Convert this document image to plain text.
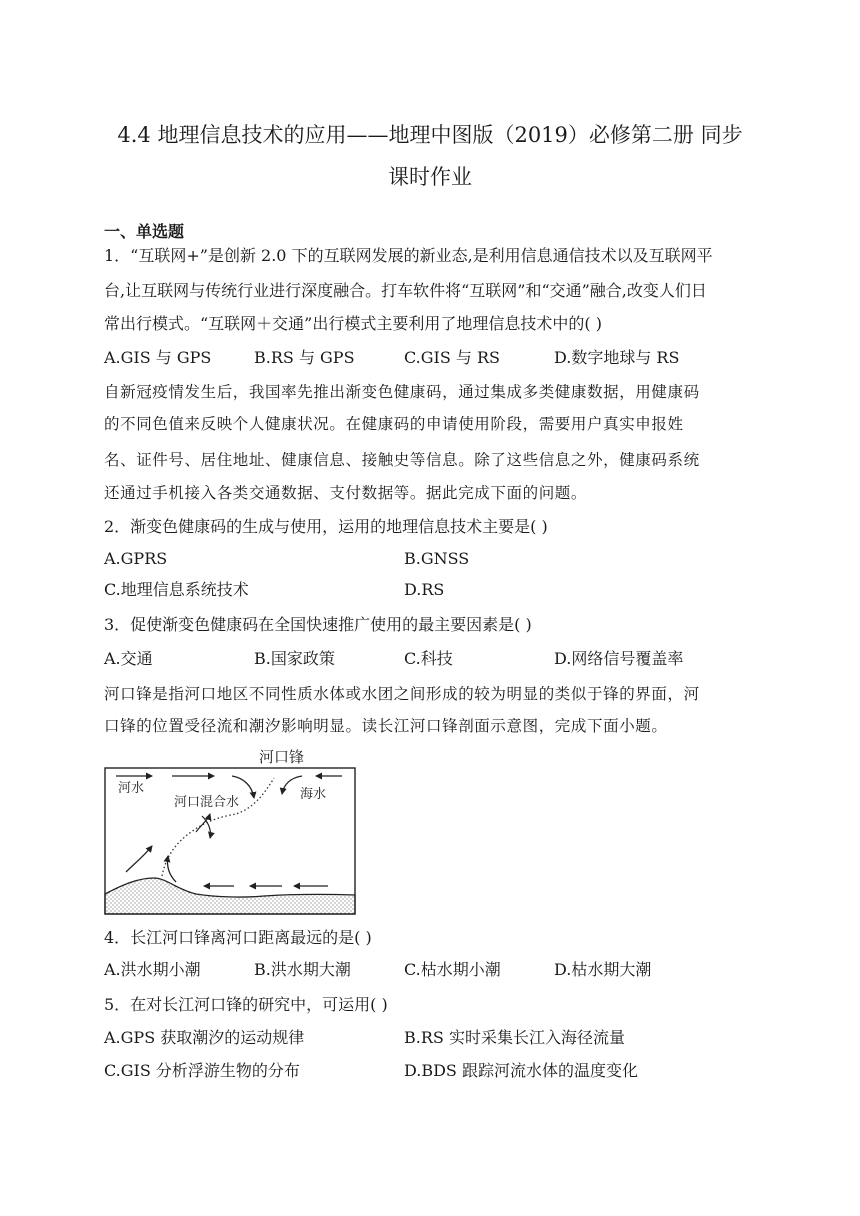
4.4 地理信息技术的应用——地理中图版（2019）必修第二册 同步
课时作业
一、单选题
1．“互联网+”是创新 2.0 下的互联网发展的新业态,是利用信息通信技术以及互联网平
台,让互联网与传统行业进行深度融合。打车软件将“互联网”和“交通”融合,改变人们日
常出行模式。“互联网＋交通”出行模式主要利用了地理信息技术中的( )
A.GIS 与 GPS	B.RS 与 GPS	C.GIS 与 RS	D.数字地球与 RS
自新冠疫情发生后，我国率先推出渐变色健康码，通过集成多类健康数据，用健康码
的不同色值来反映个人健康状况。在健康码的申请使用阶段，需要用户真实申报姓
名、证件号、居住地址、健康信息、接触史等信息。除了这些信息之外，健康码系统
还通过手机接入各类交通数据、支付数据等。据此完成下面的问题。
2．渐变色健康码的生成与使用，运用的地理信息技术主要是( )
A.GPRS	B.GNSS
C.地理信息系统技术	D.RS
3．促使渐变色健康码在全国快速推广使用的最主要因素是( )
A.交通	B.国家政策	C.科技	D.网络信号覆盖率
河口锋是指河口地区不同性质水体或水团之间形成的较为明显的类似于锋的界面，河
口锋的位置受径流和潮汐影响明显。读长江河口锋剖面示意图，完成下面小题。
河口锋
河水
河口混合水
海水
4．长江河口锋离河口距离最远的是( )
A.洪水期小潮	B.洪水期大潮	C.枯水期小潮	D.枯水期大潮
5．在对长江河口锋的研究中，可运用( )
A.GPS 获取潮汐的运动规律	B.RS 实时采集长江入海径流量
C.GIS 分析浮游生物的分布	D.BDS 跟踪河流水体的温度变化
